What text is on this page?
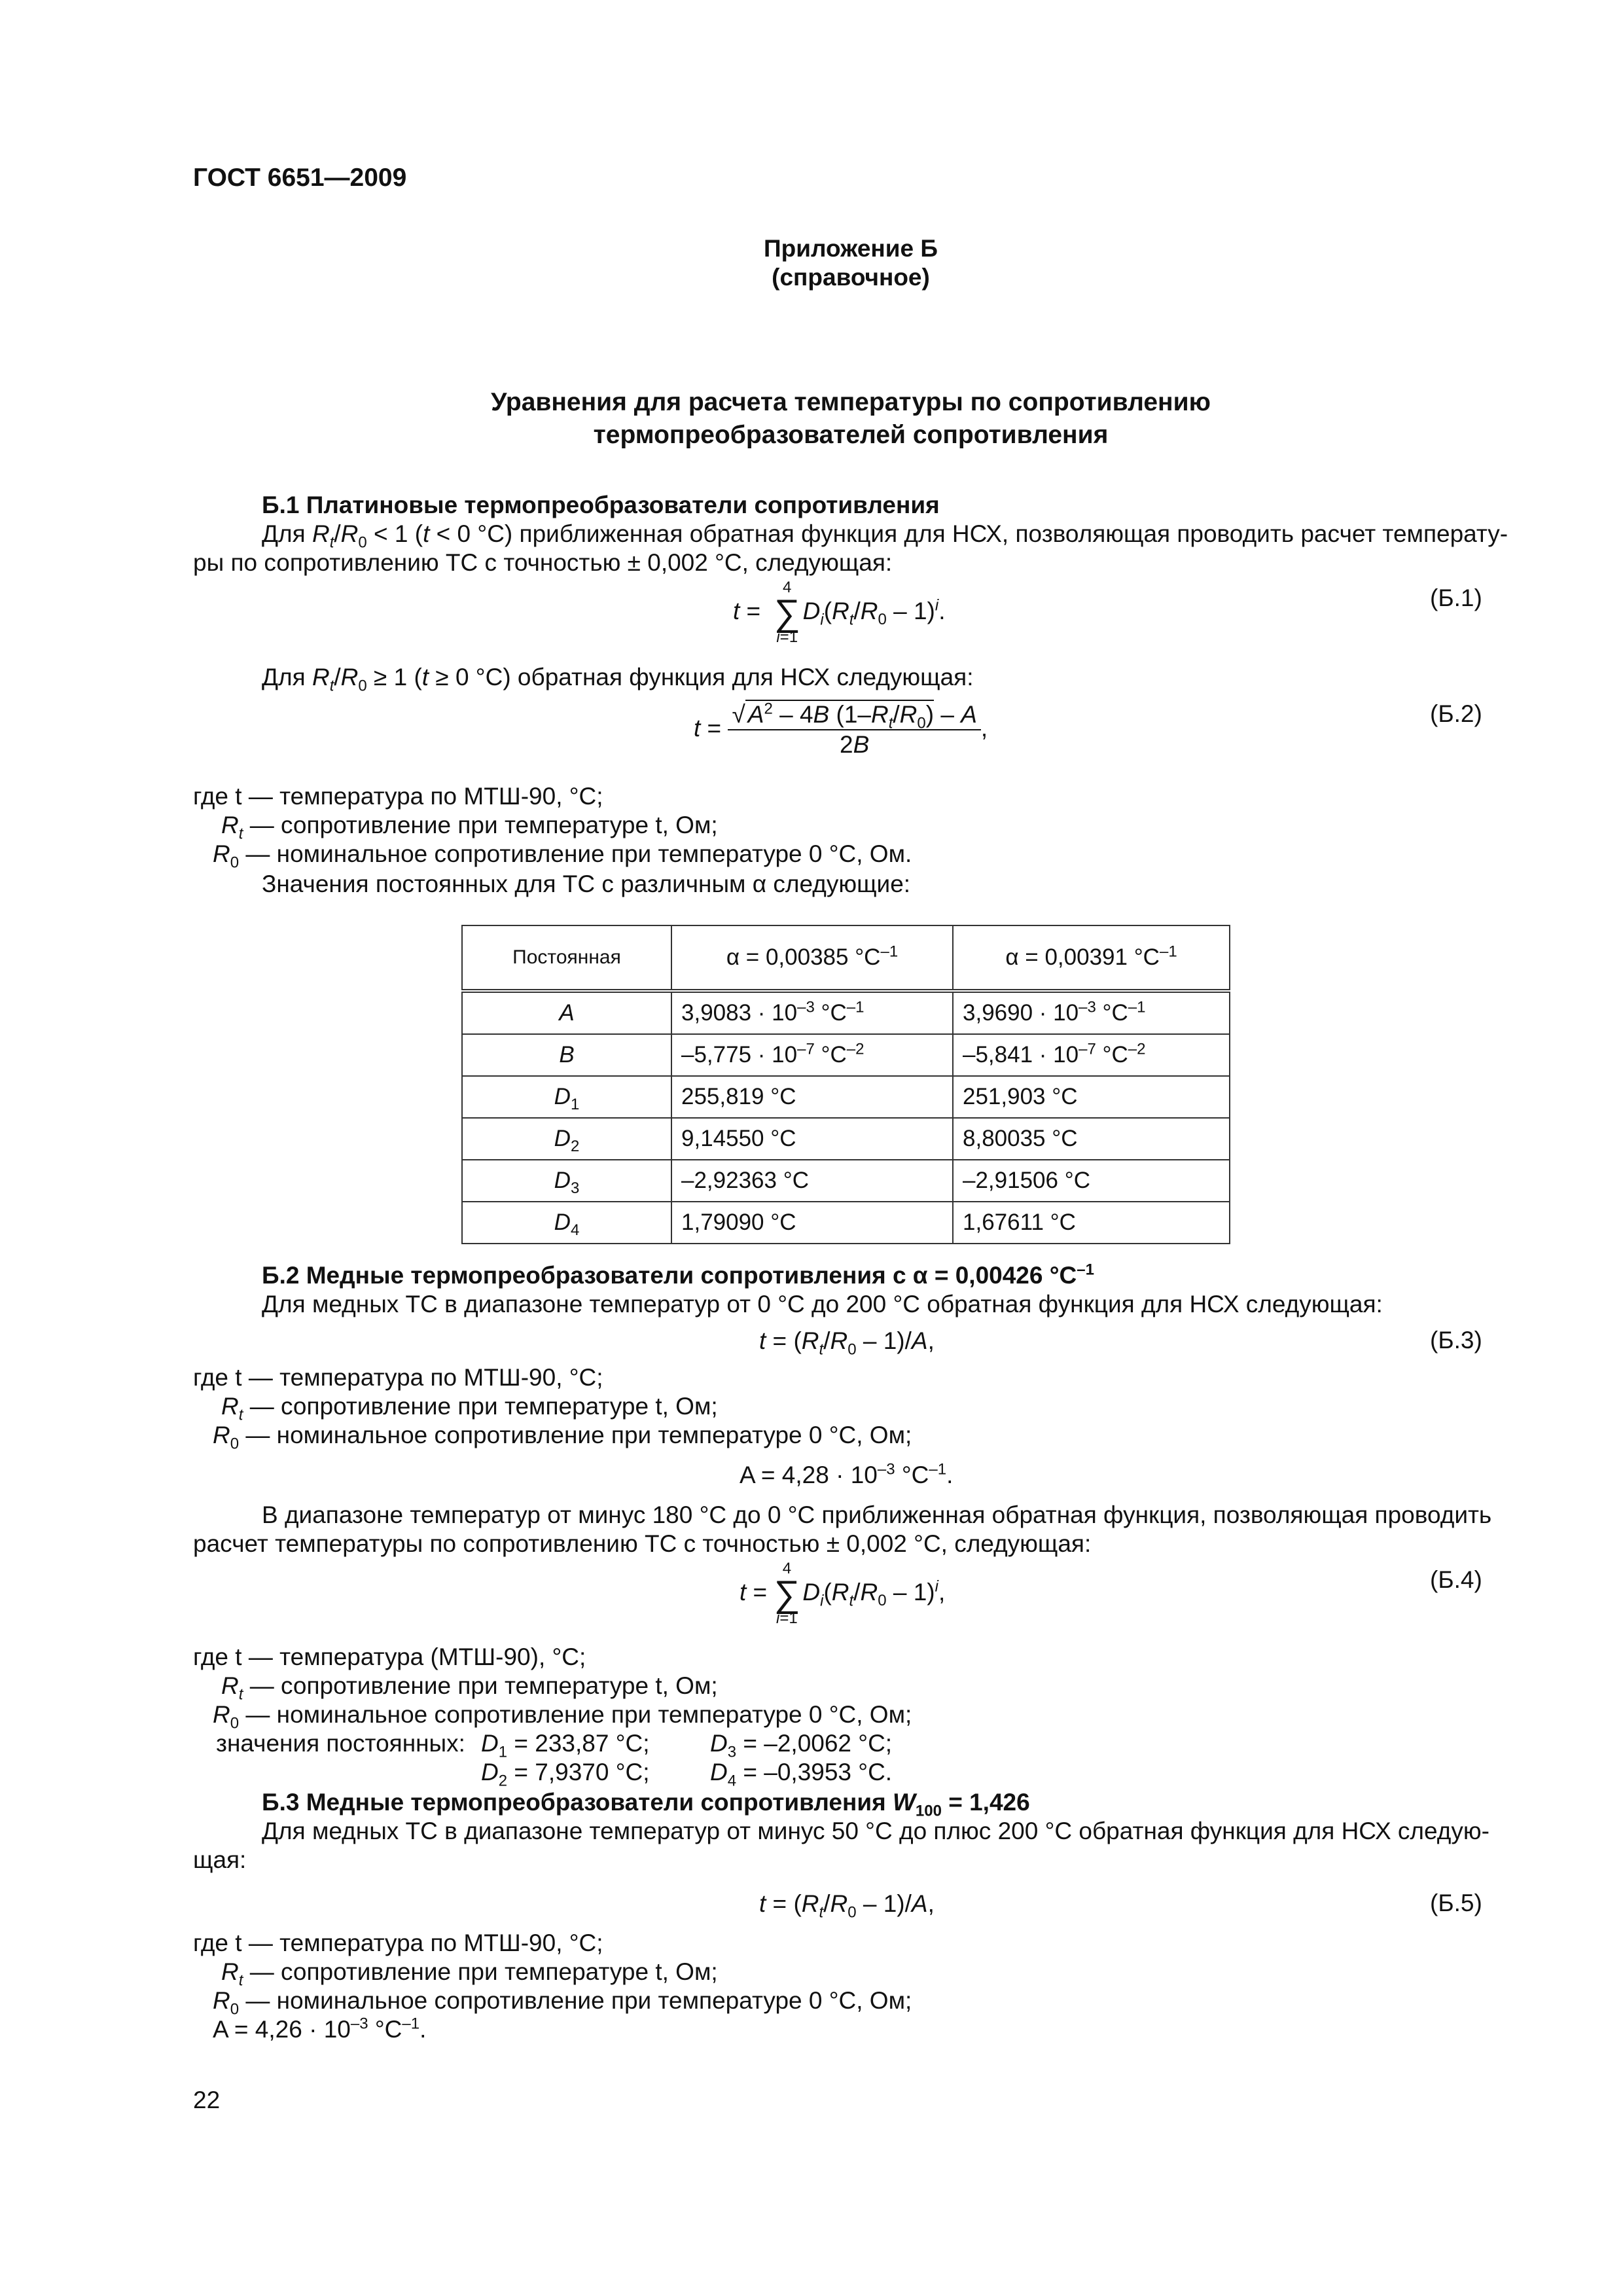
ГОСТ 6651—2009
Приложение Б
(справочное)
Уравнения для расчета температуры по сопротивлению
термопреобразователей сопротивления
Б.1 Платиновые термопреобразователи сопротивления
Для $R_t/R_0 < 1$ (t < 0 °С) приближенная обратная функция для НСХ, позволяющая проводить расчет температу-
ры по сопротивлению ТС с точностью ± 0,002 °С, следующая:
t =
4
∑
i=1
$D_i(R_t/R_0 - 1)^i$.	(Б.1)
Для $R_t/R_0 \ge 1$ (t ≥ 0 °С) обратная функция для НСХ следующая:
$t = \frac{√ A^2 - 4B (1-R_t/R_0) - A}{2B}$ ,
(Б.2)
где t — температура по МТШ-90, °С;
$R_t$ — сопротивление при температуре t, Ом;
$R_0$ — номинальное сопротивление при температуре 0 °С, Ом.
Значения постоянных для ТС с различным α следующие:
Постоянная	α = 0,00385 $^\circ C^{-1}$	α = 0,00391 $^\circ C^{-1}$
A	$3,9083 \cdot 10^{-3}$ $^\circ C^{-1}$	$3,9690 \cdot 10^{-3}$ $^\circ C^{-1}$
B	$-5,775 \cdot 10^{-7}$ $^\circ C^{-2}$	$-5,841 \cdot 10^{-7}$ $^\circ C^{-2}$
$D_1$	255,819 °C	251,903 °C
$D_2$	9,14550 °C	8,80035 °C
$D_3$	–2,92363 °C	–2,91506 °C
$D_4$	1,79090 °C	1,67611 °C
Б.2 Медные термопреобразователи сопротивления с α = 0,00426 $^\circ C^{-1}$
Для медных ТС в диапазоне температур от 0 °С до 200 °С обратная функция для НСХ следующая:
$t = (R_t/R_0 - 1)/A$,	(Б.3)
где t — температура по МТШ-90, °С;
$R_t$ — сопротивление при температуре t, Ом;
$R_0$ — номинальное сопротивление при температуре 0 °С, Ом;
$A = 4,28 \cdot 10^{-3}$ $^\circ C^{-1}$.
В диапазоне температур от минус 180 °С до 0 °С приближенная обратная функция, позволяющая проводить
расчет температуры по сопротивлению ТС с точностью ± 0,002 °С, следующая:
t =
4
∑
i=1
$D_i(R_t/R_0 - 1)^i$,	(Б.4)
где t — температура (МТШ-90), °С;
$R_t$ — сопротивление при температуре t, Ом;
$R_0$ — номинальное сопротивление при температуре 0 °С, Ом;
значения постоянных: $D_1 = 233,87$ °С; $D_3 = -2,0062$ °С;
$D_2 = 7,9370$ °С; $D_4 = -0,3953$ °С.
Б.3 Медные термопреобразователи сопротивления $W_{100} = 1,426$
Для медных ТС в диапазоне температур от минус 50 °С до плюс 200 °С обратная функция для НСХ следую-
щая:
$t = (R_t/R_0 - 1)/A$,	(Б.5)
где t — температура по МТШ-90, °С;
$R_t$ — сопротивление при температуре t, Ом;
$R_0$ — номинальное сопротивление при температуре 0 °С, Ом;
$A = 4,26 \cdot 10^{-3}$ $^\circ C^{-1}$.
22
